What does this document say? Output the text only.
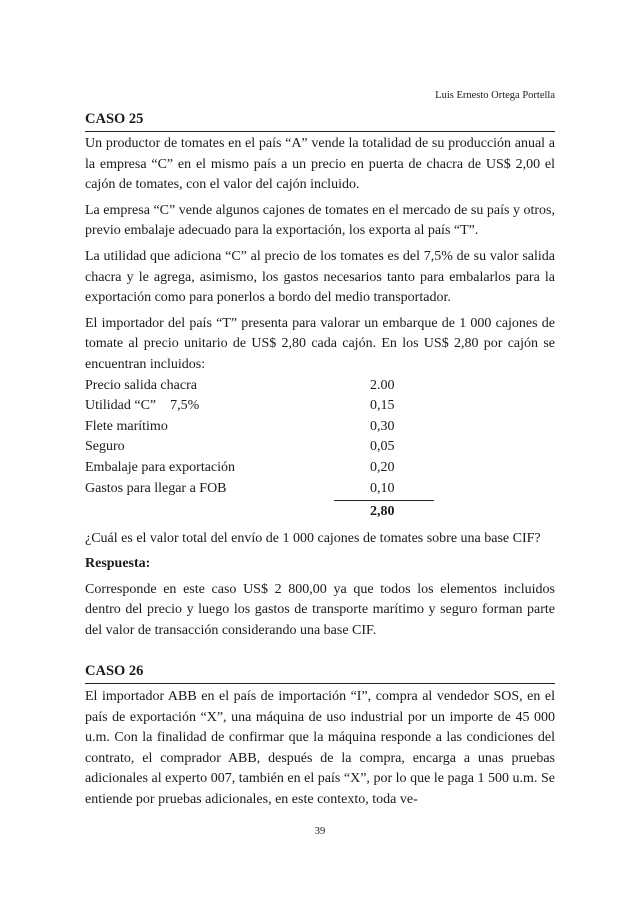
Luis Ernesto Ortega Portella
CASO 25

Un productor de tomates en el país “A” vende la totalidad de su producción anual a la empresa “C” en el mismo país a un precio en puerta de chacra de US$ 2,00 el cajón de tomates, con el valor del cajón incluido.

La empresa “C” vende algunos cajones de tomates en el mercado de su país y otros, previo embalaje adecuado para la exportación, los exporta al país “T”.

La utilidad que adiciona “C” al precio de los tomates es del 7,5% de su valor salida chacra y le agrega, asimismo, los gastos necesarios tanto para embalarlos para la exportación como para ponerlos a bordo del medio transportador.

El importador del país “T” presenta para valorar un embarque de 1 000 cajones de tomate al precio unitario de US$ 2,80 cada cajón. En los US$ 2,80 por cajón se encuentran incluidos:

Precio salida chacra	2.00
Utilidad “C”    7,5%	0,15
Flete marítimo	0,30
Seguro	0,05
Embalaje para exportación	0,20
Gastos para llegar a FOB	0,10
2,80

¿Cuál es el valor total del envío de 1 000 cajones de tomates sobre una base CIF?

Respuesta:

Corresponde en este caso US$ 2 800,00 ya que todos los elementos incluidos dentro del precio y luego los gastos de transporte marítimo y seguro forman parte del valor de transacción considerando una base CIF.

CASO 26

El importador ABB en el país de importación “I”, compra al vendedor SOS, en el país de exportación “X”, una máquina de uso industrial por un importe de 45 000 u.m. Con la finalidad de confirmar que la máquina responde a las condiciones del contrato, el comprador ABB, después de la compra, encarga a unas pruebas adicionales al experto 007, también en el país “X”, por lo que le paga 1 500 u.m. Se entiende por pruebas adicionales, en este contexto, toda ve-

39
